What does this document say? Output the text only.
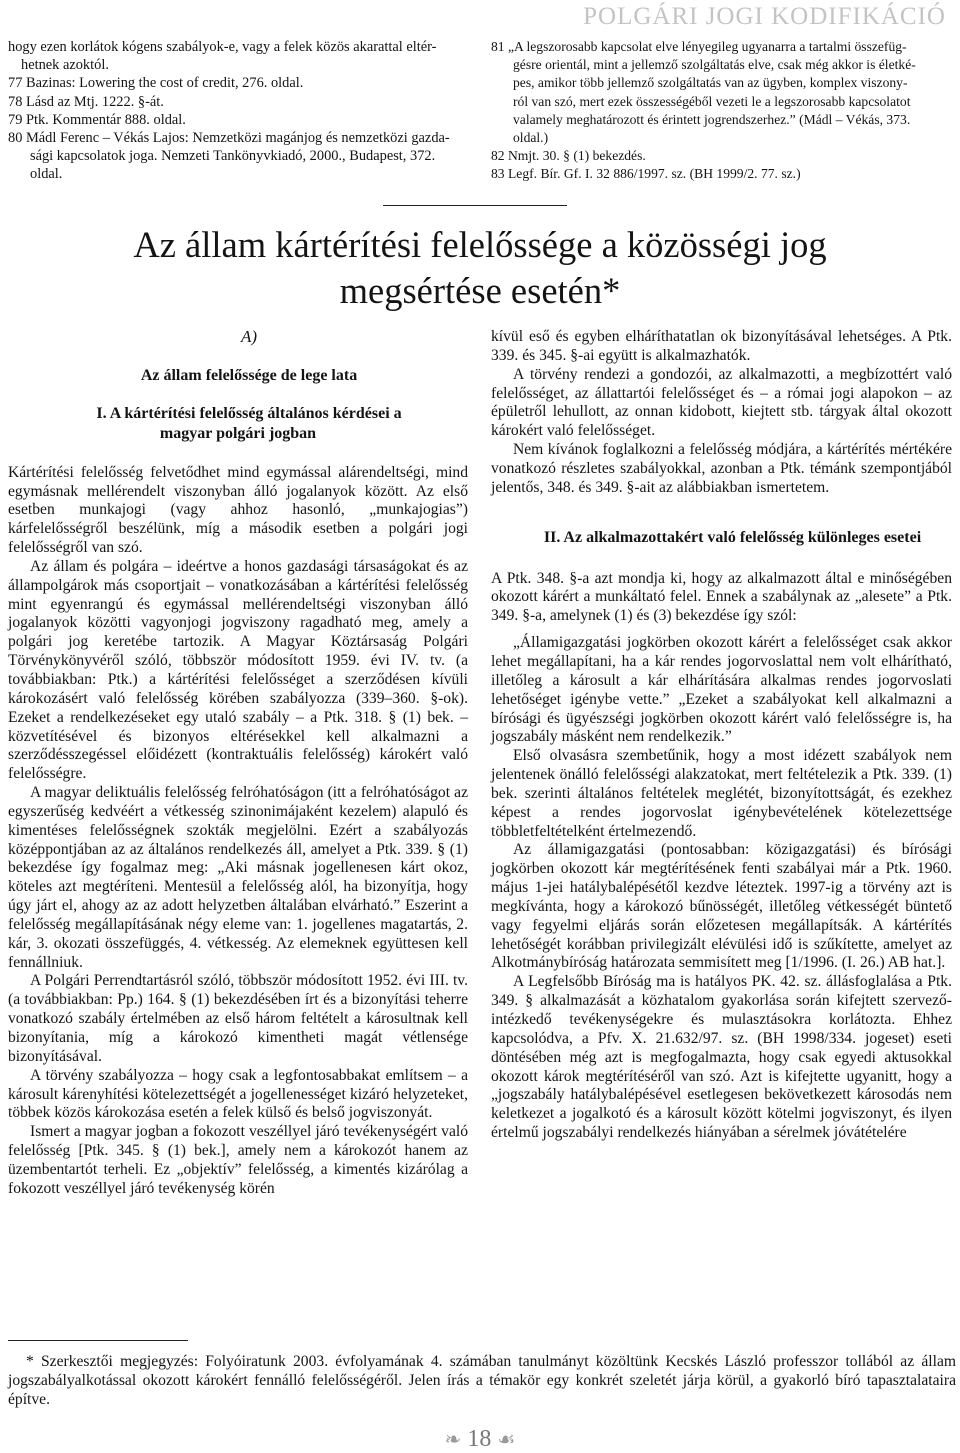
POLGÁRI JOGI KODIFIKÁCIÓ

hogy ezen korlátok kógens szabályok-e, vagy a felek közös akarattal eltér-

hetnek azoktól.

77 Bazinas: Lowering the cost of credit, 276. oldal.

78 Lásd az Mtj. 1222. §-át.

79 Ptk. Kommentár 888. oldal.

80 Mádl Ferenc – Vékás Lajos: Nemzetközi magánjog és nemzetközi gazda-

sági kapcsolatok joga. Nemzeti Tankönyvkiadó, 2000., Budapest, 372.

oldal.

81 „A legszorosabb kapcsolat elve lényegileg ugyanarra a tartalmi összefüg-

gésre orientál, mint a jellemző szolgáltatás elve, csak még akkor is életké-

pes, amikor több jellemző szolgáltatás van az ügyben, komplex viszony-

ról van szó, mert ezek összességéből vezeti le a legszorosabb kapcsolatot

valamely meghatározott és érintett jogrendszerhez.” (Mádl – Vékás, 373.

oldal.)

82 Nmjt. 30. § (1) bekezdés.

83 Legf. Bír. Gf. I. 32 886/1997. sz. (BH 1999/2. 77. sz.)

Az állam kártérítési felelőssége a közösségi jog
megsértése esetén*

A)

Az állam felelőssége de lege lata

I. A kártérítési felelősség általános kérdései a magyar polgári jogban

Kártérítési felelősség felvetődhet mind egymással alárendeltségi, mind egymásnak mellérendelt viszonyban álló jogalanyok között. Az első esetben munkajogi (vagy ahhoz hasonló, „munkajogias”) kárfelelősségről beszélünk, míg a második esetben a polgári jogi felelősségről van szó.

Az állam és polgára – ideértve a honos gazdasági társaságokat és az állampolgárok más csoportjait – vonatkozásában a kártérítési felelősség mint egyenrangú és egymással mellérendeltségi viszonyban álló jogalanyok közötti vagyonjogi jogviszony ragadható meg, amely a polgári jog keretébe tartozik. A Magyar Köztársaság Polgári Törvénykönyvéről szóló, többször módosított 1959. évi IV. tv. (a továbbiakban: Ptk.) a kártérítési felelősséget a szerződésen kívüli károkozásért való felelősség körében szabályozza (339–360. §-ok). Ezeket a rendelkezéseket egy utaló szabály – a Ptk. 318. § (1) bek. – közvetítésével és bizonyos eltérésekkel kell alkalmazni a szerződésszegéssel előidézett (kontraktuális felelősség) károkért való felelősségre.

A magyar deliktuális felelősség felróhatóságon (itt a felróhatóságot az egyszerűség kedvéért a vétkesség szinonimájaként kezelem) alapuló és kimentéses felelősségnek szokták megjelölni. Ezért a szabályozás középpontjában az az általános rendelkezés áll, amelyet a Ptk. 339. § (1) bekezdése így fogalmaz meg: „Aki másnak jogellenesen kárt okoz, köteles azt megtéríteni. Mentesül a felelősség alól, ha bizonyítja, hogy úgy járt el, ahogy az az adott helyzetben általában elvárható.” Eszerint a felelősség megállapításának négy eleme van: 1. jogellenes magatartás, 2. kár, 3. okozati összefüggés, 4. vétkesség. Az elemeknek együttesen kell fennállniuk.

A Polgári Perrendtartásról szóló, többször módosított 1952. évi III. tv. (a továbbiakban: Pp.) 164. § (1) bekezdésében írt és a bizonyítási teherre vonatkozó szabály értelmében az első három feltételt a károsultnak kell bizonyítania, míg a károkozó kimentheti magát vétlensége bizonyításával.

A törvény szabályozza – hogy csak a legfontosabbakat említsem – a károsult kárenyhítési kötelezettségét a jogellenességet kizáró helyzeteket, többek közös károkozása esetén a felek külső és belső jogviszonyát.

Ismert a magyar jogban a fokozott veszéllyel járó tevékenységért való felelősség [Ptk. 345. § (1) bek.], amely nem a károkozót hanem az üzembentartót terheli. Ez „objektív” felelősség, a kimentés kizárólag a fokozott veszéllyel járó tevékenység körén

kívül eső és egyben elháríthatatlan ok bizonyításával lehetséges. A Ptk. 339. és 345. §-ai együtt is alkalmazhatók.

A törvény rendezi a gondozói, az alkalmazotti, a megbízottért való felelősséget, az állattartói felelősséget és – a római jogi alapokon – az épületről lehullott, az onnan kidobott, kiejtett stb. tárgyak által okozott károkért való felelősséget.

Nem kívánok foglalkozni a felelősség módjára, a kártérítés mértékére vonatkozó részletes szabályokkal, azonban a Ptk. témánk szempontjából jelentős, 348. és 349. §-ait az alábbiakban ismertetem.

II. Az alkalmazottakért való felelősség különleges esetei

A Ptk. 348. §-a azt mondja ki, hogy az alkalmazott által e minőségében okozott kárért a munkáltató felel. Ennek a szabálynak az „alesete” a Ptk. 349. §-a, amelynek (1) és (3) bekezdése így szól:

„Államigazgatási jogkörben okozott kárért a felelősséget csak akkor lehet megállapítani, ha a kár rendes jogorvoslattal nem volt elhárítható, illetőleg a károsult a kár elhárítására alkalmas rendes jogorvoslati lehetőséget igénybe vette.” „Ezeket a szabályokat kell alkalmazni a bírósági és ügyészségi jogkörben okozott kárért való felelősségre is, ha jogszabály másként nem rendelkezik.”

Első olvasásra szembetűnik, hogy a most idézett szabályok nem jelentenek önálló felelősségi alakzatokat, mert feltételezik a Ptk. 339. (1) bek. szerinti általános feltételek meglétét, bizonyítottságát, és ezekhez képest a rendes jogorvoslat igénybevételének kötelezettsége többletfeltételként értelmezendő.

Az államigazgatási (pontosabban: közigazgatási) és bírósági jogkörben okozott kár megtérítésének fenti szabályai már a Ptk. 1960. május 1-jei hatálybalépésétől kezdve léteztek. 1997-ig a törvény azt is megkívánta, hogy a károkozó bűnösségét, illetőleg vétkességét büntető vagy fegyelmi eljárás során előzetesen megállapítsák. A kártérítés lehetőségét korábban privilegizált elévülési idő is szűkítette, amelyet az Alkotmánybíróság határozata semmisített meg [1/1996. (I. 26.) AB hat.].

A Legfelsőbb Bíróság ma is hatályos PK. 42. sz. állásfoglalása a Ptk. 349. § alkalmazását a közhatalom gyakorlása során kifejtett szervező-intézkedő tevékenységekre és mulasztásokra korlátozta. Ehhez kapcsolódva, a Pfv. X. 21.632/97. sz. (BH 1998/334. jogeset) eseti döntésében még azt is megfogalmazta, hogy csak egyedi aktusokkal okozott károk megtérítéséről van szó. Azt is kifejtette ugyanitt, hogy a „jogszabály hatálybalépésével esetlegesen bekövetkezett károsodás nem keletkezet a jogalkotó és a károsult között kötelmi jogviszonyt, és ilyen értelmű jogszabályi rendelkezés hiányában a sérelmek jóvátételére

* Szerkesztői megjegyzés: Folyóiratunk 2003. évfolyamának 4. számában tanulmányt közöltünk Kecskés László professzor tollából az állam jogszabályalkotással okozott károkért fennálló felelősségéről. Jelen írás a témakör egy konkrét szeletét járja körül, a gyakorló bíró tapasztalataira építve.

❧ 18 ☙
